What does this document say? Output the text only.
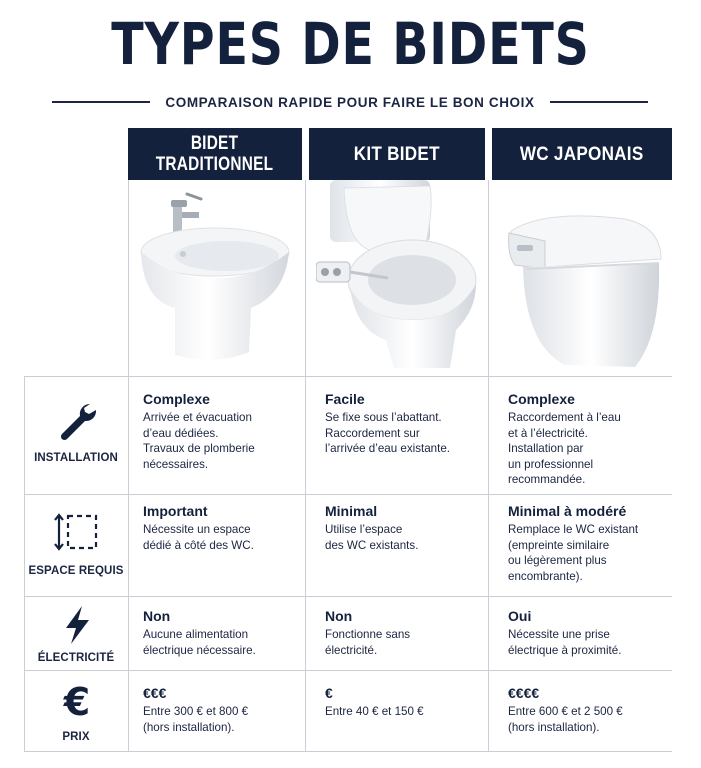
TYPES DE BIDETS
COMPARAISON RAPIDE POUR FAIRE LE BON CHOIX
BIDET
TRADITIONNEL	KIT BIDET	WC JAPONAIS
INSTALLATION
ESPACE REQUIS
ÉLECTRICITÉ
€
PRIX
Complexe
Arrivée et évacuation
d’eau dédiées.
Travaux de plomberie
nécessaires.
Facile
Se fixe sous l’abattant.
Raccordement sur
l’arrivée d’eau existante.
Complexe
Raccordement à l’eau
et à l’électricité.
Installation par
un professionnel
recommandée.
Important
Nécessite un espace
dédié à côté des WC.
Minimal
Utilise l’espace
des WC existants.
Minimal à modéré
Remplace le WC existant
(empreinte similaire
ou légèrement plus
encombrante).
Non
Aucune alimentation
électrique nécessaire.
Non
Fonctionne sans
électricité.
Oui
Nécessite une prise
électrique à proximité.
€€€
Entre 300 € et 800 €
(hors installation).
€
Entre 40 € et 150 €
€€€€
Entre 600 € et 2 500 €
(hors installation).
